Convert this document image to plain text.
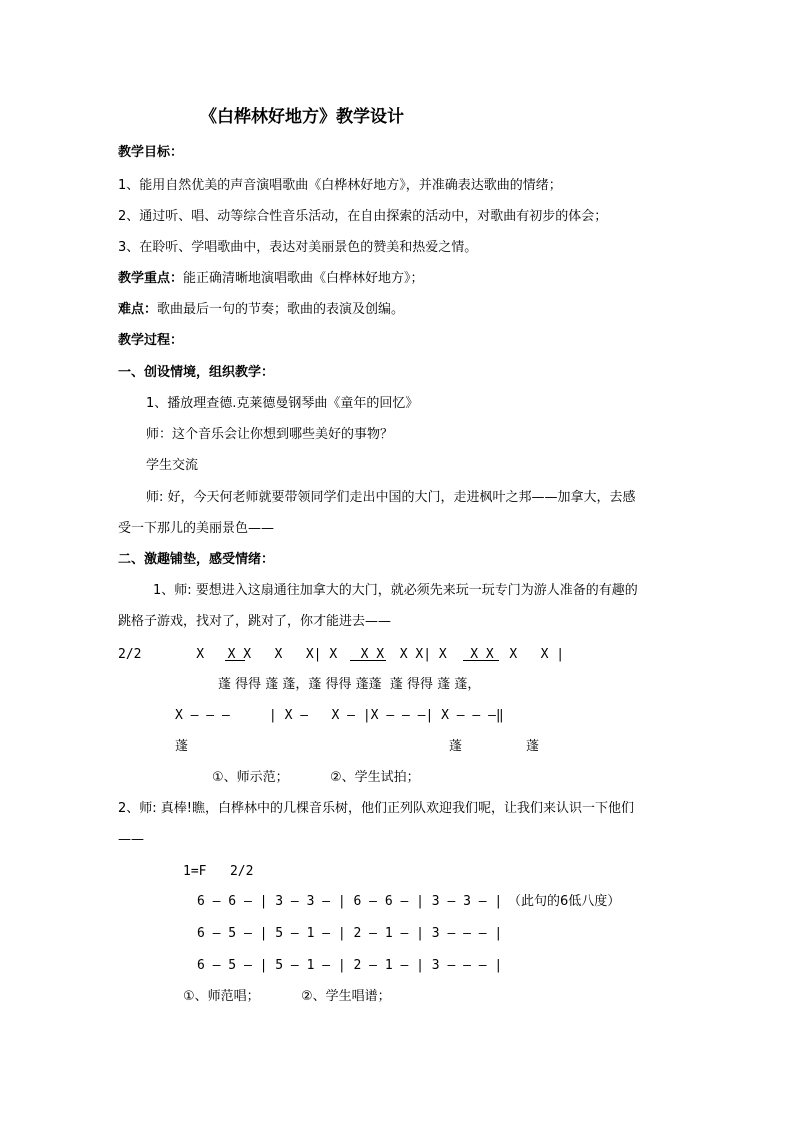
《白桦林好地方》教学设计
教学目标：
1、能用自然优美的声音演唱歌曲《白桦林好地方》，并准确表达歌曲的情绪；
2、通过听、唱、动等综合性音乐活动，在自由探索的活动中，对歌曲有初步的体会；
3、在聆听、学唱歌曲中，表达对美丽景色的赞美和热爱之情。
教学重点：能正确清晰地演唱歌曲《白桦林好地方》；
难点：歌曲最后一句的节奏；歌曲的表演及创编。
教学过程：
一、创设情境，组织教学：
1、播放理查德.克莱德曼钢琴曲《童年的回忆》
师：这个音乐会让你想到哪些美好的事物？
学生交流
师: 好，今天何老师就要带领同学们走出中国的大门，走进枫叶之邦——加拿大，去感
受一下那儿的美丽景色——
二、激趣铺垫，感受情绪：
1、师: 要想进入这扇通往加拿大的大门，就必须先来玩一玩专门为游人准备的有趣的
跳格子游戏，找对了，跳对了，你才能进去——
2/2       X   X X   X   X| X   X X  X X| X   X X  X   X |
蓬 得得 蓬 蓬，蓬 得得 蓬蓬  蓬 得得 蓬 蓬，
X — — —     | X —   X — |X — — —| X — — —‖
蓬	蓬	蓬
①、师示范；          ②、学生试拍；
2、师: 真棒!瞧，白桦林中的几棵音乐树，他们正列队欢迎我们呢，让我们来认识一下他们
——
1=F   2/2
6 — 6 — | 3 — 3 — | 6 — 6 — | 3 — 3 — | （此句的6低八度）
6 — 5 — | 5 — 1 — | 2 — 1 — | 3 — — — |
6 — 5 — | 5 — 1 — | 2 — 1 — | 3 — — — |
①、师范唱；          ②、学生唱谱；
